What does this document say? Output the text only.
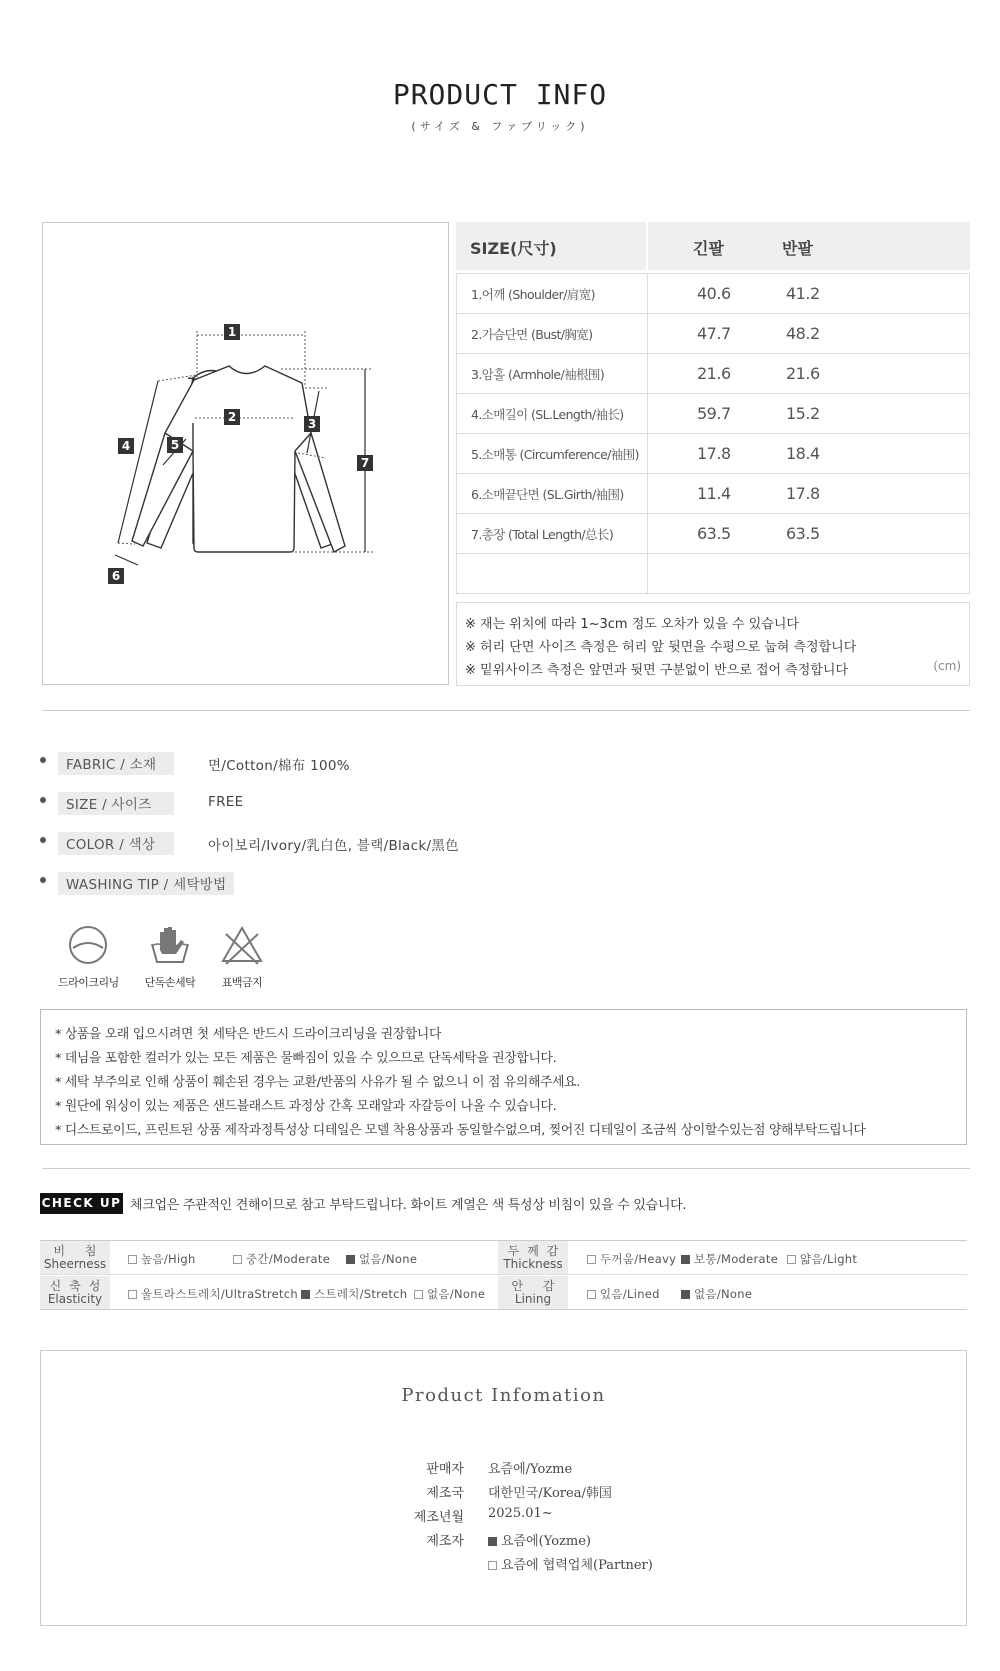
PRODUCT INFO
(サイズ & ファブリック)
1
2	3
4	5
6
7
SIZE(尺寸)	긴팔	반팔
1.어깨 (Shoulder/肩宽)	40.6	41.2
2.가슴단면 (Bust/胸宽)	47.7	48.2
3.암홀 (Armhole/袖根围)	21.6	21.6
4.소매길이 (SL.Length/袖长)	59.7	15.2
5.소매통 (Circumference/袖围)	17.8	18.4
6.소매끝단면 (SL.Girth/袖围)	11.4	17.8
7.총장 (Total Length/总长)	63.5	63.5
※ 재는 위치에 따라 1~3cm 정도 오차가 있을 수 있습니다
※ 허리 단면 사이즈 측정은 허리 앞 뒷면을 수평으로 눕혀 측정합니다
※ 밑위사이즈 측정은 앞면과 뒷면 구분없이 반으로 접어 측정합니다	(cm)
FABRIC / 소재	면/Cotton/棉布 100%
SIZE / 사이즈	FREE
COLOR / 색상	아이보리/Ivory/乳白色, 블랙/Black/黑色
WASHING TIP / 세탁방법
드라이크리닝	단독손세탁	표백금지
* 상품을 오래 입으시려면 첫 세탁은 반드시 드라이크리닝을 권장합니다
* 데님을 포함한 컬러가 있는 모든 제품은 물빠짐이 있을 수 있으므로 단독세탁을 권장합니다.
* 세탁 부주의로 인해 상품이 훼손된 경우는 교환/반품의 사유가 될 수 없으니 이 점 유의해주세요.
* 원단에 워싱이 있는 제품은 샌드블래스트 과정상 간혹 모래알과 자갈등이 나올 수 있습니다.
* 디스트로이드, 프린트된 상품 제작과정특성상 디테일은 모델 착용상품과 동일할수없으며, 찢어진 디테일이 조금씩 상이할수있는점 양해부탁드립니다
CHECK UP 체크업은 주관적인 견해이므로 참고 부탁드립니다. 화이트 계열은 색 특성상 비침이 있을 수 있습니다.
비 침
Sheerness	높음/High	중간/Moderate	없음/None
두께감
Thickness	두꺼움/Heavy	보통/Moderate	얇음/Light
신축성
Elasticity	울트라스트레치/UltraStretch	스트레치/Stretch	없음/None
안 감
Lining	있음/Lined	없음/None
Product Infomation
판매자 요즘에/Yozme
제조국 대한민국/Korea/韩国
제조년월 2025.01~
제조자	요즘에(Yozme)
요즘에 협력업체(Partner)
